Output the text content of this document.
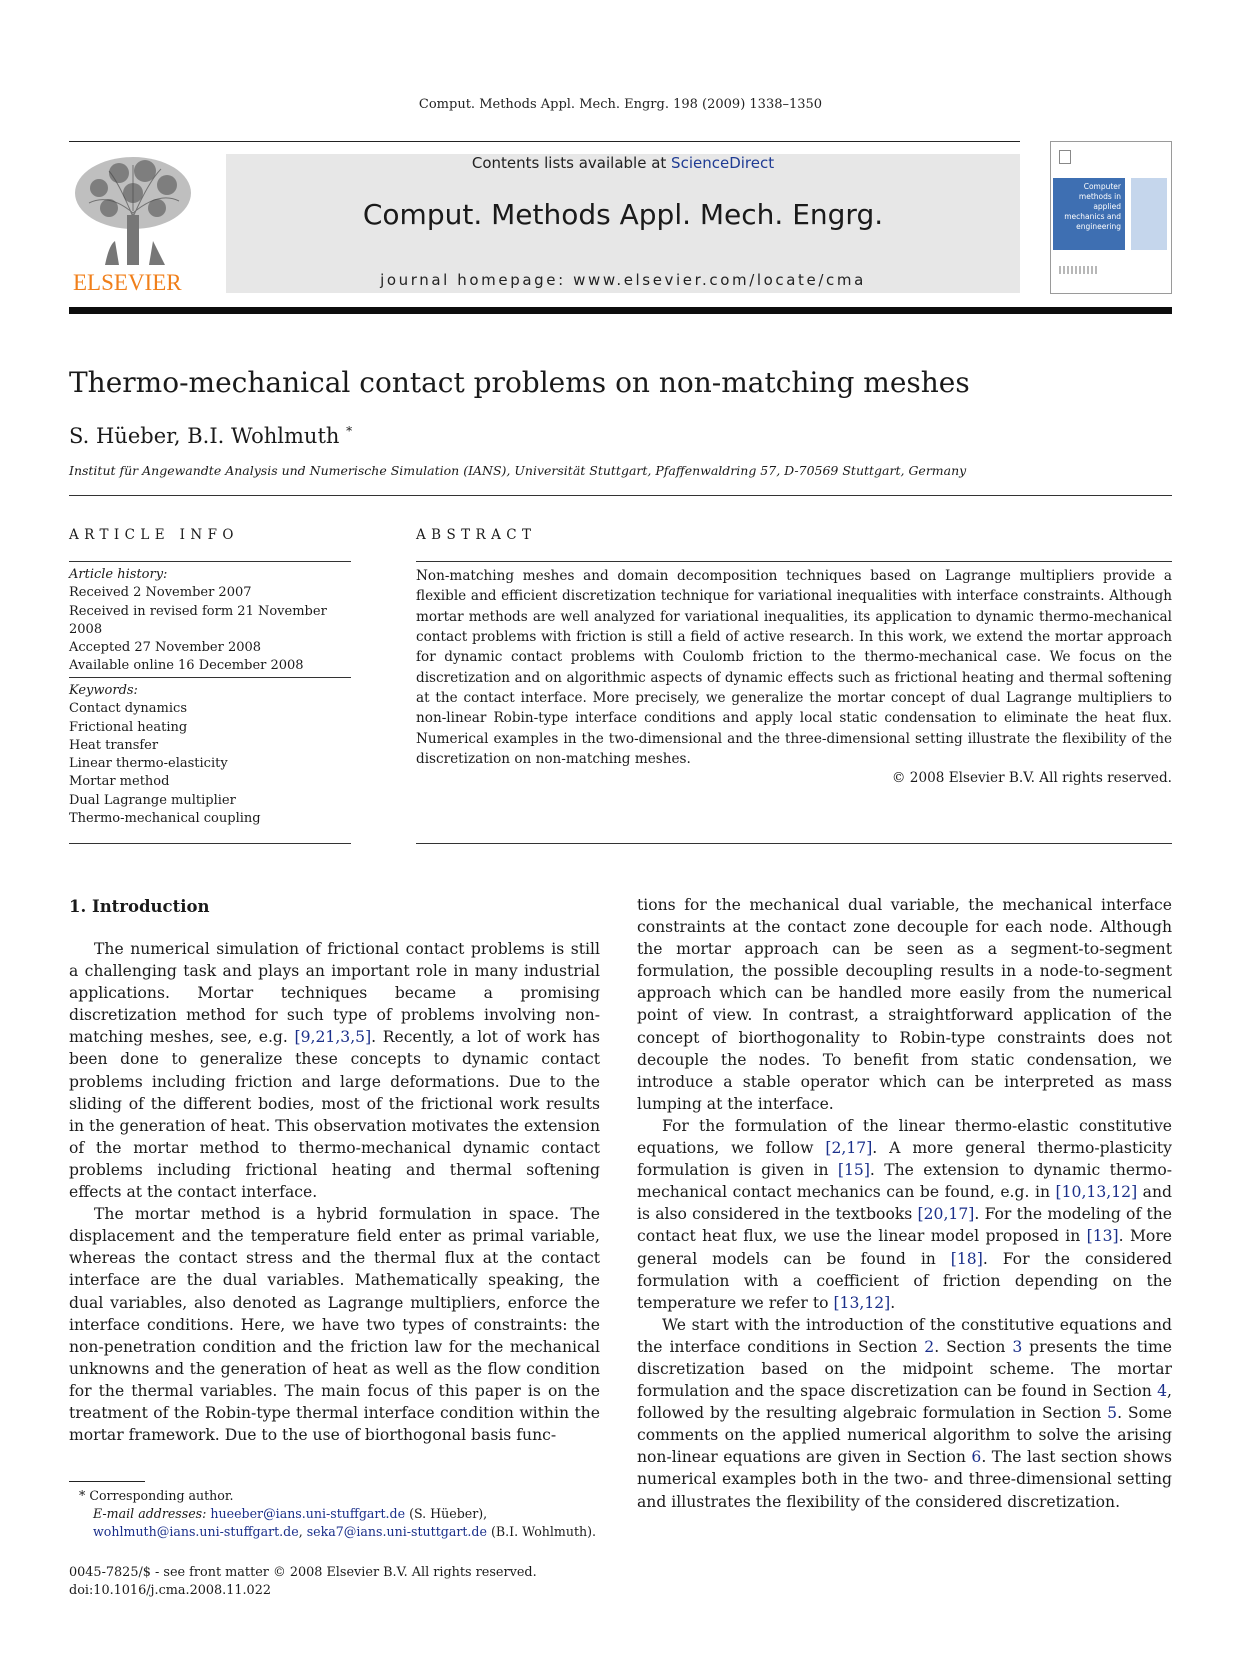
Comput. Methods Appl. Mech. Engrg. 198 (2009) 1338–1350
ELSEVIER
Contents lists available at ScienceDirect
Comput. Methods Appl. Mech. Engrg.
journal homepage: www.elsevier.com/locate/cma
Computer methods in applied mechanics and engineering
Thermo-mechanical contact problems on non-matching meshes
S. Hüeber, B.I. Wohlmuth *
Institut für Angewandte Analysis und Numerische Simulation (IANS), Universität Stuttgart, Pfaffenwaldring 57, D-70569 Stuttgart, Germany
ARTICLE INFO	ABSTRACT
Article history:
Received 2 November 2007
Received in revised form 21 November 2008
Accepted 27 November 2008
Available online 16 December 2008
Keywords:
Contact dynamics
Frictional heating
Heat transfer
Linear thermo-elasticity
Mortar method
Dual Lagrange multiplier
Thermo-mechanical coupling
Non-matching meshes and domain decomposition techniques based on Lagrange multipliers provide a flexible and efficient discretization technique for variational inequalities with interface constraints. Although mortar methods are well analyzed for variational inequalities, its application to dynamic thermo-mechanical contact problems with friction is still a field of active research. In this work, we extend the mortar approach for dynamic contact problems with Coulomb friction to the thermo-mechanical case. We focus on the discretization and on algorithmic aspects of dynamic effects such as frictional heating and thermal softening at the contact interface. More precisely, we generalize the mortar concept of dual Lagrange multipliers to non-linear Robin-type interface conditions and apply local static condensation to eliminate the heat flux. Numerical examples in the two-dimensional and the three-dimensional setting illustrate the flexibility of the discretization on non-matching meshes.
© 2008 Elsevier B.V. All rights reserved.
1. Introduction

The numerical simulation of frictional contact problems is still a challenging task and plays an important role in many industrial applications. Mortar techniques became a promising discretization method for such type of problems involving non-matching meshes, see, e.g. [9,21,3,5]. Recently, a lot of work has been done to generalize these concepts to dynamic contact problems including friction and large deformations. Due to the sliding of the different bodies, most of the frictional work results in the generation of heat. This observation motivates the extension of the mortar method to thermo-mechanical dynamic contact problems including frictional heating and thermal softening effects at the contact interface.

The mortar method is a hybrid formulation in space. The displacement and the temperature field enter as primal variable, whereas the contact stress and the thermal flux at the contact interface are the dual variables. Mathematically speaking, the dual variables, also denoted as Lagrange multipliers, enforce the interface conditions. Here, we have two types of constraints: the non-penetration condition and the friction law for the mechanical unknowns and the generation of heat as well as the flow condition for the thermal variables. The main focus of this paper is on the treatment of the Robin-type thermal interface condition within the mortar framework. Due to the use of biorthogonal basis func-

tions for the mechanical dual variable, the mechanical interface constraints at the contact zone decouple for each node. Although the mortar approach can be seen as a segment-to-segment formulation, the possible decoupling results in a node-to-segment approach which can be handled more easily from the numerical point of view. In contrast, a straightforward application of the concept of biorthogonality to Robin-type constraints does not decouple the nodes. To benefit from static condensation, we introduce a stable operator which can be interpreted as mass lumping at the interface.

For the formulation of the linear thermo-elastic constitutive equations, we follow [2,17]. A more general thermo-plasticity formulation is given in [15]. The extension to dynamic thermo-mechanical contact mechanics can be found, e.g. in [10,13,12] and is also considered in the textbooks [20,17]. For the modeling of the contact heat flux, we use the linear model proposed in [13]. More general models can be found in [18]. For the considered formulation with a coefficient of friction depending on the temperature we refer to [13,12].

We start with the introduction of the constitutive equations and the interface conditions in Section 2. Section 3 presents the time discretization based on the midpoint scheme. The mortar formulation and the space discretization can be found in Section 4, followed by the resulting algebraic formulation in Section 5. Some comments on the applied numerical algorithm to solve the arising non-linear equations are given in Section 6. The last section shows numerical examples both in the two- and three-dimensional setting and illustrates the flexibility of the considered discretization.

* Corresponding author.
E-mail addresses: hueeber@ians.uni-stuffgart.de (S. Hüeber), wohlmuth@ians.uni-stuffgart.de, seka7@ians.uni-stuttgart.de (B.I. Wohlmuth).
0045-7825/$ - see front matter © 2008 Elsevier B.V. All rights reserved.
doi:10.1016/j.cma.2008.11.022
